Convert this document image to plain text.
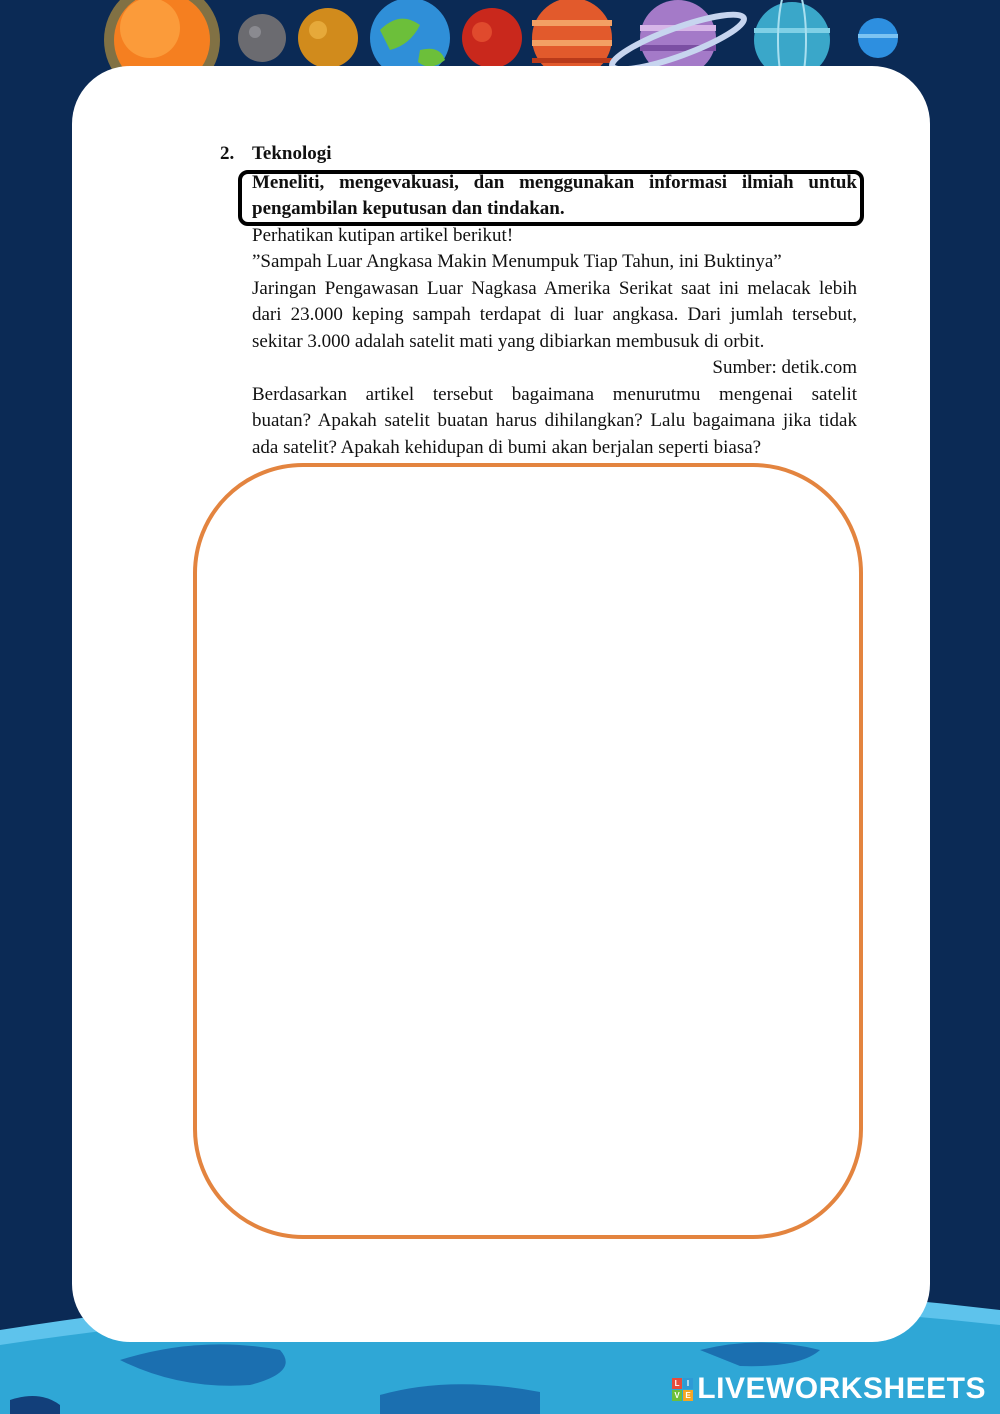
2. Teknologi
Meneliti, mengevakuasi, dan menggunakan informasi ilmiah untuk
pengambilan keputusan dan tindakan.
Perhatikan kutipan artikel berikut!
”Sampah Luar Angkasa Makin Menumpuk Tiap Tahun, ini Buktinya”
Jaringan Pengawasan Luar Nagkasa Amerika Serikat saat ini melacak lebih
dari 23.000 keping sampah terdapat di luar angkasa. Dari jumlah tersebut,
sekitar 3.000 adalah satelit mati yang dibiarkan membusuk di orbit.
Sumber: detik.com
Berdasarkan artikel tersebut bagaimana menurutmu mengenai satelit
buatan? Apakah satelit buatan harus dihilangkan? Lalu bagaimana jika tidak
ada satelit? Apakah kehidupan di bumi akan berjalan seperti biasa?
L I
V E LIVEWORKSHEETS
